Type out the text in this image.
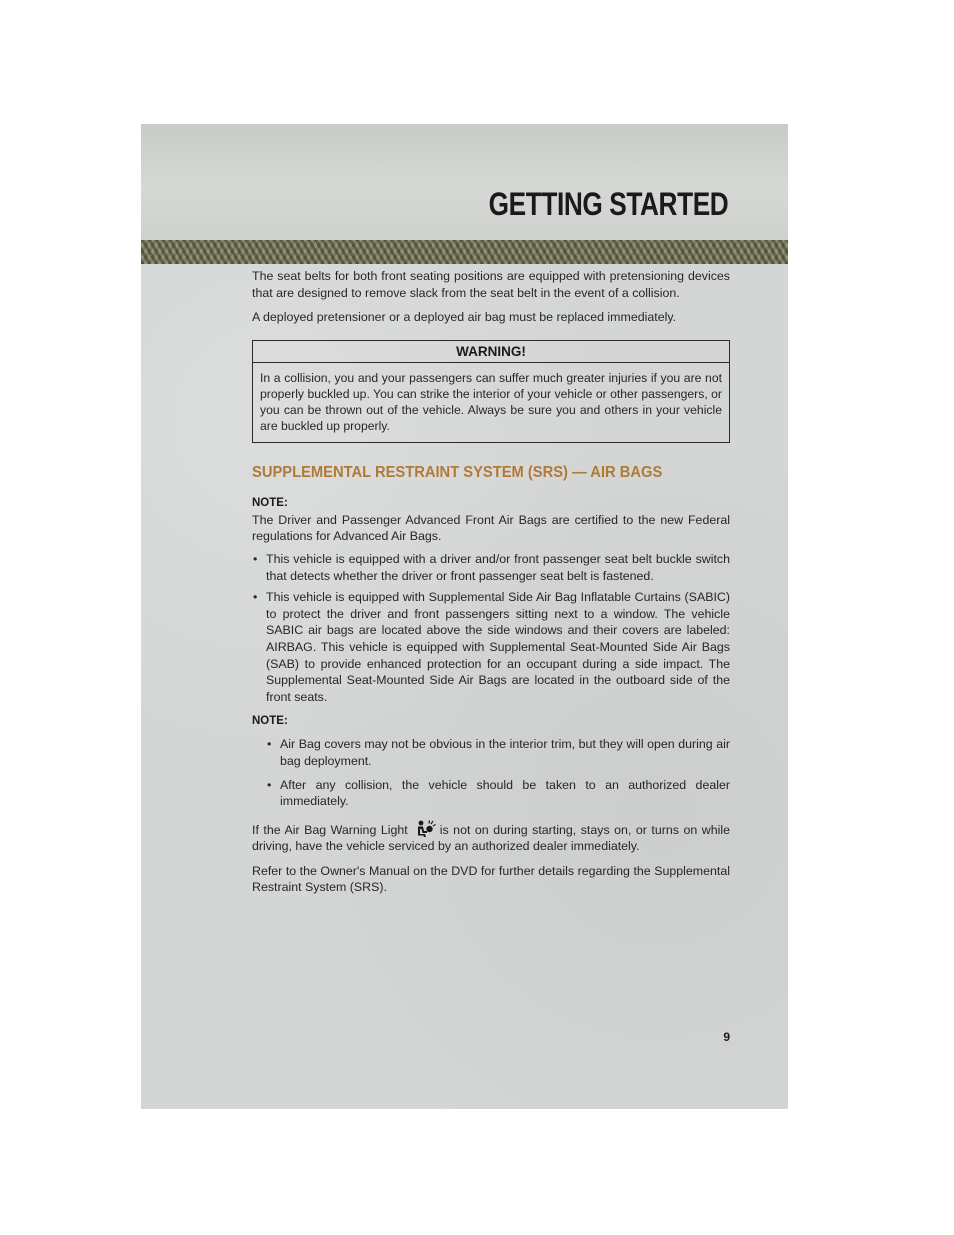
GETTING STARTED

The seat belts for both front seating positions are equipped with pretensioning devices that are designed to remove slack from the seat belt in the event of a collision.

A deployed pretensioner or a deployed air bag must be replaced immediately.

WARNING!
In a collision, you and your passengers can suffer much greater injuries if you are not properly buckled up. You can strike the interior of your vehicle or other passengers, or you can be thrown out of the vehicle. Always be sure you and others in your vehicle are buckled up properly.
SUPPLEMENTAL RESTRAINT SYSTEM (SRS) — AIR BAGS
NOTE:

The Driver and Passenger Advanced Front Air Bags are certified to the new Federal regulations for Advanced Air Bags.

• This vehicle is equipped with a driver and/or front passenger seat belt buckle switch that detects whether the driver or front passenger seat belt is fastened.
• This vehicle is equipped with Supplemental Side Air Bag Inflatable Curtains (SABIC) to protect the driver and front passengers sitting next to a window. The vehicle SABIC air bags are located above the side windows and their covers are labeled: AIRBAG. This vehicle is equipped with Supplemental Seat-Mounted Side Air Bags (SAB) to provide enhanced protection for an occupant during a side impact. The Supplemental Seat-Mounted Side Air Bags are located in the outboard side of the front seats.
NOTE:
• Air Bag covers may not be obvious in the interior trim, but they will open during air bag deployment.
• After any collision, the vehicle should be taken to an authorized dealer immediately.

If the Air Bag Warning Light	is not on during starting, stays on, or turns on while driving, have the vehicle serviced by an authorized dealer immediately.

Refer to the Owner's Manual on the DVD for further details regarding the Supplemental Restraint System (SRS).

9
